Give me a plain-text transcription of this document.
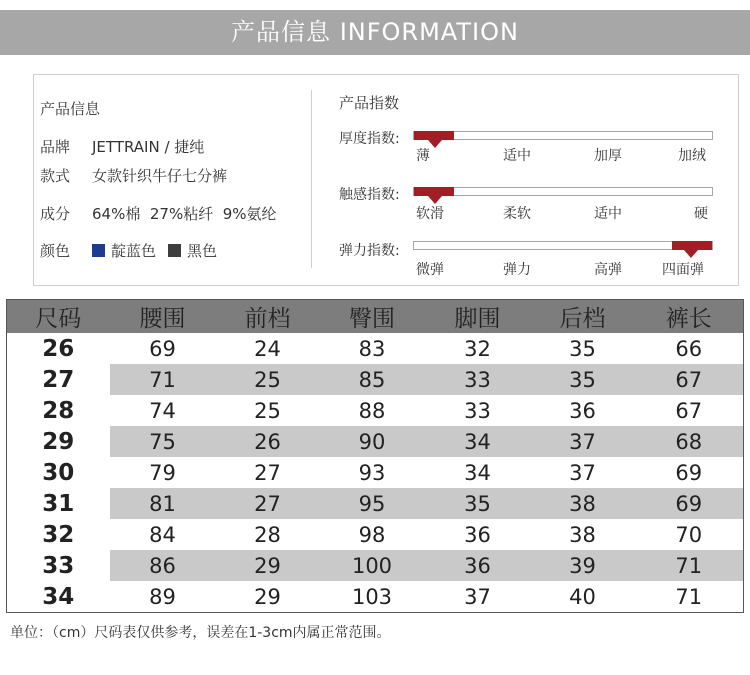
产品信息 INFORMATION
产品信息
品牌 JETTRAIN / 捷纯
款式 女款针织牛仔七分裤
成分 64%棉  27%粘纤  9%氨纶
颜色	靛蓝色 黑色
产品指数
厚度指数:
薄	适中	加厚	加绒
触感指数:
软滑	柔软	适中	硬
弹力指数:
微弹	弹力	高弹	四面弹
尺码	腰围	前档	臀围	脚围	后档	裤长
26	69	24	83	32	35	66
27	71	25	85	33	35	67
28	74	25	88	33	36	67
29	75	26	90	34	37	68
30	79	27	93	34	37	69
31	81	27	95	35	38	69
32	84	28	98	36	38	70
33	86	29	100	36	39	71
34	89	29	103	37	40	71
单位：（cm）尺码表仅供参考，误差在1-3cm内属正常范围。
